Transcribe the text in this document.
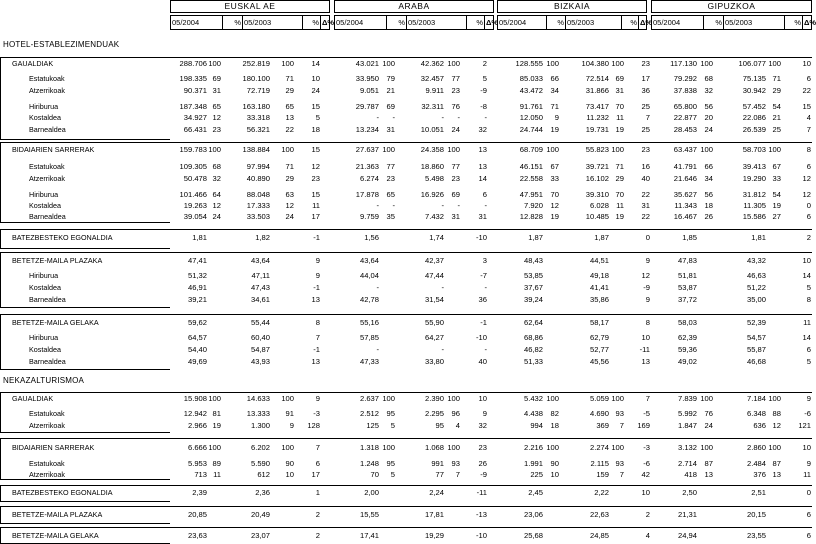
EUSKAL AE
05/2004	% 05/2003	% Δ%
ARABA
05/2004	% 05/2003	% Δ%
BIZKAIA
05/2004	% 05/2003	% Δ%
GIPUZKOA
05/2004	% 05/2003	% Δ%
HOTEL-ESTABLEZIMENDUAK
NEKAZALTURISMOA
GAUALDIAK	288.706 100	252.819	100	14	43.021 100	42.362 100	2	128.555 100	104.380 100	23	117.130 100	106.077 100	10
Estatukoak	198.335 69	180.100	71	10	33.950 79	32.457 77	5	85.033 66	72.514 69	17	79.292 68	75.135 71	6
Atzerrikoak	90.371 31	72.719	29	24	9.051 21	9.911 23	-9	43.472 34	31.866 31	36	37.838 32	30.942 29	22
Hiriburua	187.348 65	163.180	65	15	29.787 69	32.311 76	-8	91.761 71	73.417 70	25	65.800 56	57.452 54	15
Kostaldea	34.927 12	33.318	13	5	-	-	-	-	-	12.050	9	11.232 11	7	22.877 20	22.086 21	4
Barnealdea	66.431 23	56.321	22	18	13.234 31	10.051 24	32	24.744 19	19.731 19	25	28.453 24	26.539 25	7
BIDAIARIEN SARRERAK	159.783 100	138.884	100	15	27.637 100	24.358 100	13	68.709 100	55.823 100	23	63.437 100	58.703 100	8
Estatukoak	109.305 68	97.994	71	12	21.363 77	18.860 77	13	46.151 67	39.721 71	16	41.791 66	39.413 67	6
Atzerrikoak	50.478 32	40.890	29	23	6.274 23	5.498 23	14	22.558 33	16.102 29	40	21.646 34	19.290 33	12
Hiriburua	101.466 64	88.048	63	15	17.878 65	16.926 69	6	47.951 70	39.310 70	22	35.627 56	31.812 54	12
Kostaldea	19.263 12	17.333	12	11	-	-	-	-	-	7.920 12	6.028 11	31	11.343 18	11.305 19	0
Barnealdea	39.054 24	33.503	24	17	9.759 35	7.432 31	31	12.828 19	10.485 19	22	16.467 26	15.586 27	6
BATEZBESTEKO EGONALDIA	1,81	1,82	-1	1,56	1,74	-10	1,87	1,87	0	1,85	1,81	2
BETETZE-MAILA PLAZAKA	47,41	43,64	9	43,64	42,37	3	48,43	44,51	9	47,83	43,32	10
Hiriburua	51,32	47,11	9	44,04	47,44	-7	53,85	49,18	12	51,81	46,63	14
Kostaldea	46,91	47,43	-1	-	-	-	37,67	41,41	-9	53,87	51,22	5
Barnealdea	39,21	34,61	13	42,78	31,54	36	39,24	35,86	9	37,72	35,00	8
BETETZE-MAILA GELAKA	59,62	55,44	8	55,16	55,90	-1	62,64	58,17	8	58,03	52,39	11
Hiriburua	64,57	60,40	7	57,85	64,27	-10	68,86	62,79	10	62,39	54,57	14
Kostaldea	54,40	54,87	-1	-	-	-	46,82	52,77	-11	59,36	55,87	6
Barnealdea	49,69	43,93	13	47,33	33,80	40	51,33	45,56	13	49,02	46,68	5
GAUALDIAK	15.908 100	14.633	100	9	2.637 100	2.390 100	10	5.432 100	5.059 100	7	7.839 100	7.184 100	9
Estatukoak	12.942 81	13.333	91	-3	2.512 95	2.295 96	9	4.438 82	4.690 93	-5	5.992 76	6.348 88	-6
Atzerrikoak	2.966 19	1.300	9	128	125	5	95	4	32	994 18	369	7	169	1.847 24	636 12	121
BIDAIARIEN SARRERAK	6.666 100	6.202	100	7	1.318 100	1.068 100	23	2.216 100	2.274 100	-3	3.132 100	2.860 100	10
Estatukoak	5.953 89	5.590	90	6	1.248 95	991 93	26	1.991 90	2.115 93	-6	2.714 87	2.484 87	9
Atzerrikoak	713 11	612	10	17	70	5	77	7	-9	225 10	159	7	42	418 13	376 13	11
BATEZBESTEKO EGONALDIA	2,39	2,36	1	2,00	2,24	-11	2,45	2,22	10	2,50	2,51	0
BETETZE-MAILA PLAZAKA	20,85	20,49	2	15,55	17,81	-13	23,06	22,63	2	21,31	20,15	6
BETETZE-MAILA GELAKA	23,63	23,07	2	17,41	19,29	-10	25,68	24,85	4	24,94	23,55	6
